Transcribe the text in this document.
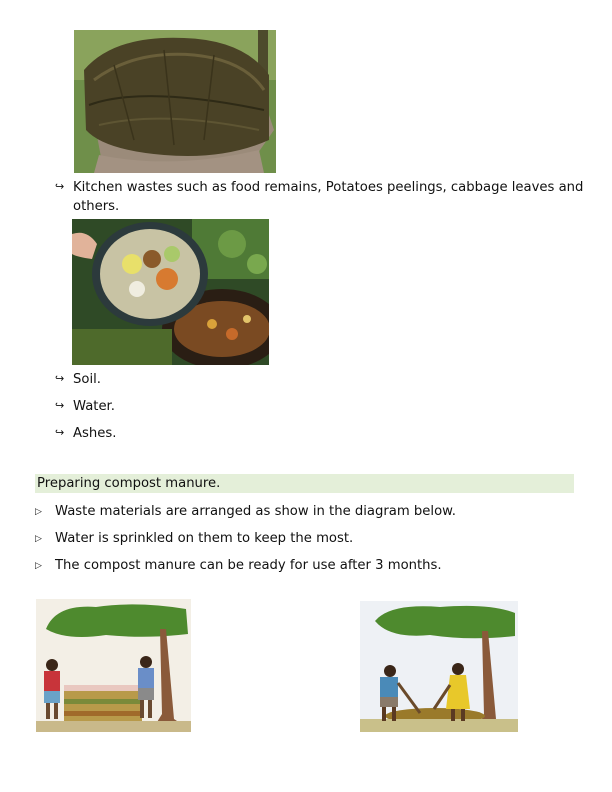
↪ Kitchen wastes such as food remains, Potatoes peelings, cabbage leaves and
others.
↪ Soil.
↪ Water.
↪ Ashes.
Preparing compost manure.
▷ Waste materials are arranged as show in the diagram below.
▷ Water is sprinkled on them to keep the most.
▷ The compost manure can be ready for use after 3 months.
